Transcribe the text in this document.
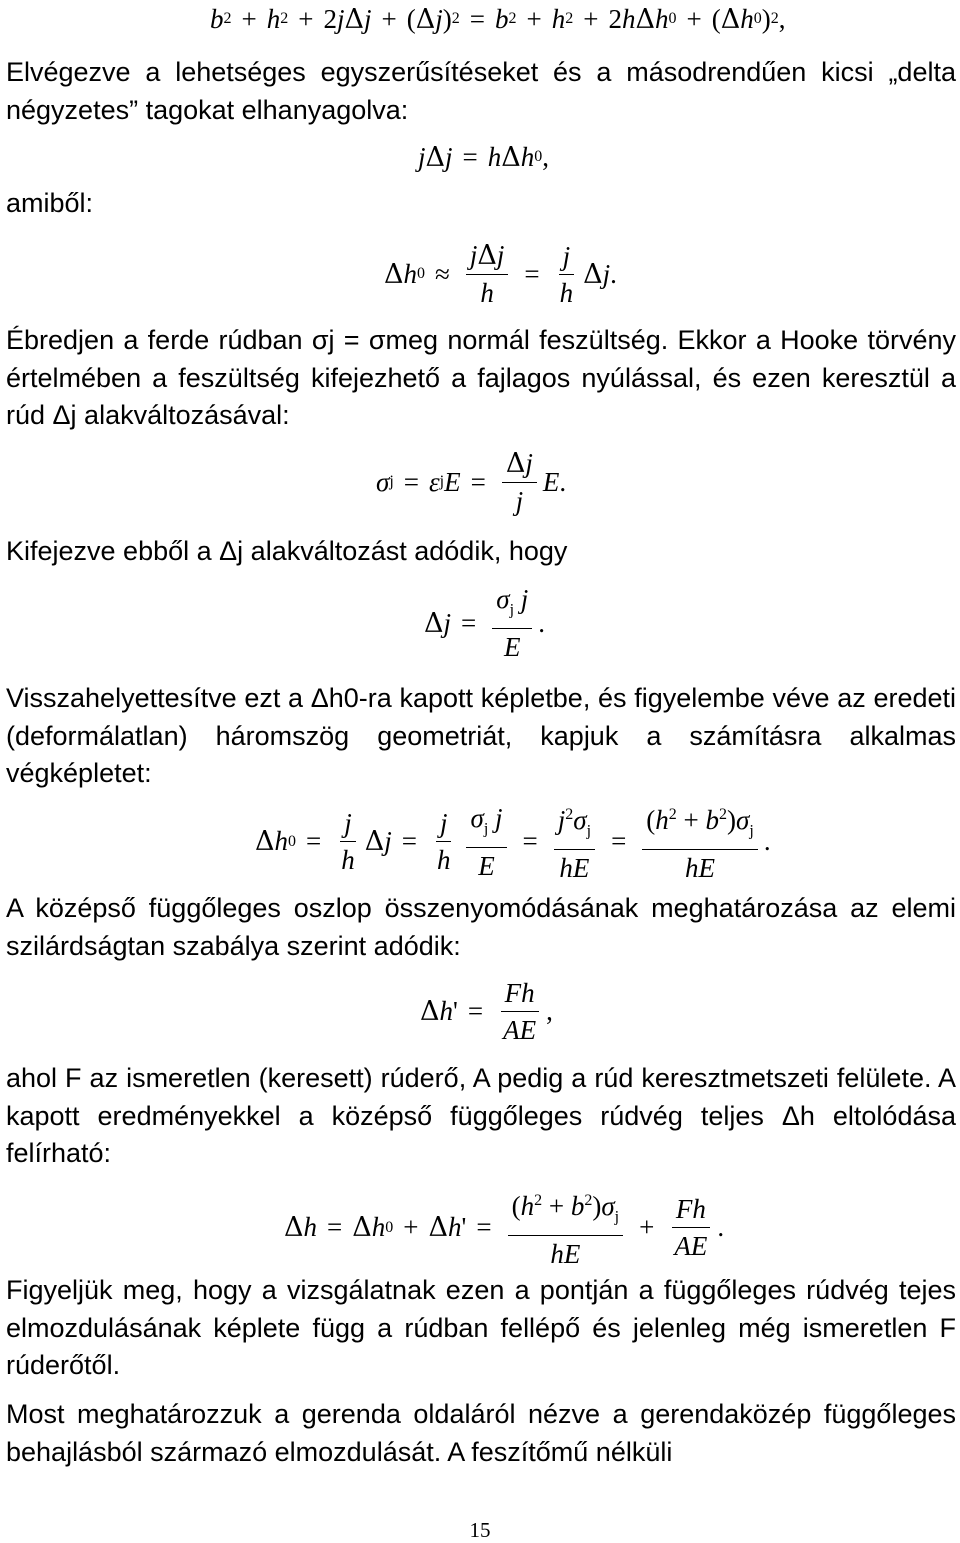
b 2 + h 2 + 2 j Δ j + ( Δ j ) 2 = b 2 + h 2 + 2 h Δ h 0 + ( Δ h 0 ) 2 ,
Elvégezve a lehetséges egyszerűsítéseket és a másodrendűen kicsi „delta négyzetes” tagokat elhanyagolva:
j Δ j = h Δ h 0 ,
amiből:
Δ h $0 \approx \frac{\text{jΔj}}{h} = \frac{j}{h}$ Δ j .
Ébredjen a ferde rúdban σj = σmeg normál feszültség. Ekkor a Hooke törvény értelmében a feszültség kifejezhető a fajlagos nyúlással, és ezen keresztül a rúd Δj alakváltozásával:
σ j = ε j $E = \frac{\Delta j}{j}$ E .
Kifejezve ebből a Δj alakváltozást adódik, hogy
Δ $j = \frac{\sigma_j j}{E}$ .
Visszahelyettesítve ezt a Δh0-ra kapott képletbe, és figyelembe véve az eredeti (deformálatlan) háromszög geometriát, kapjuk a számításra alkalmas végképletet:
Δ h $0 = \frac{j}{h}$ Δ $j = \frac{j}{h} \frac{\sigma_j j}{E} = \frac{j^2\sigma_j}{hE} = \frac{(h^2 + b^2)\sigma_j}{hE}$ .
A középső függőleges oszlop összenyomódásának meghatározása az elemi szilárdságtan szabálya szerint adódik:
Δ h ' = $\frac{Fh}{AE}$ ,
ahol F az ismeretlen (keresett) rúderő, A pedig a rúd keresztmetszeti felülete. A kapott eredményekkel a középső függőleges rúdvég teljes Δh eltolódása felírható:
Δ h = Δ h 0 + Δ h ' = $\frac{(h^2 + b^2)\sigma_j}{hE} + \frac{Fh}{AE}$ .
Figyeljük meg, hogy a vizsgálatnak ezen a pontján a függőleges rúdvég tejes elmozdulásának képlete függ a rúdban fellépő és jelenleg még ismeretlen F rúderőtől.
Most meghatározzuk a gerenda oldaláról nézve a gerendaközép függőleges behajlásból származó elmozdulását. A feszítőmű nélküli
15
